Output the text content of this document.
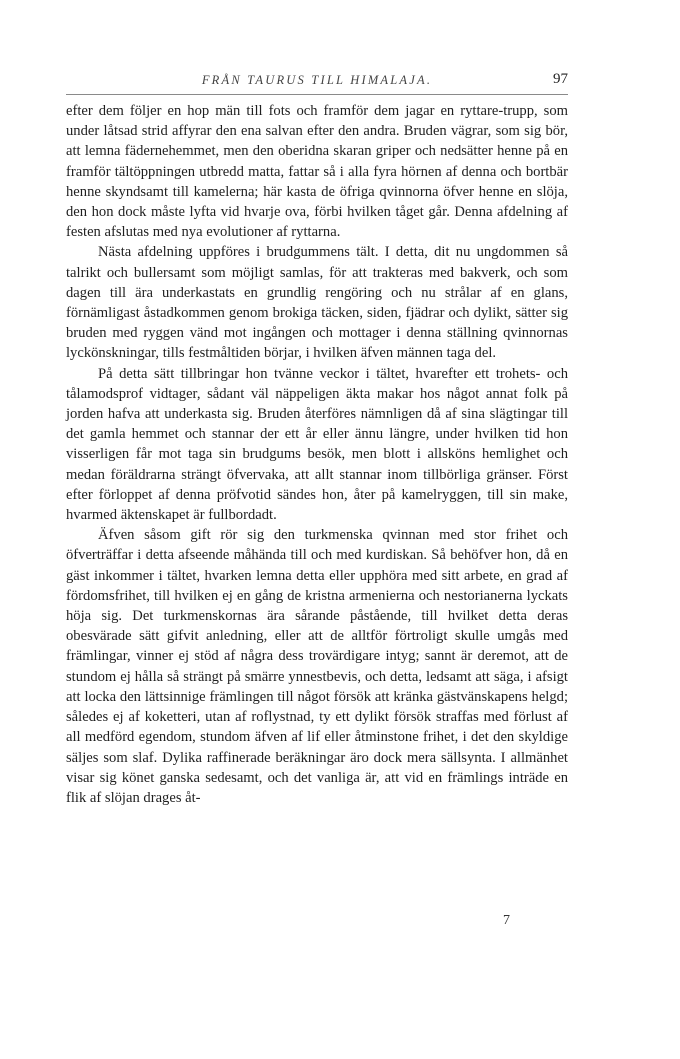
FRÅN TAURUS TILL HIMALAJA.	97

efter dem följer en hop män till fots och framför dem jagar en ryttare-trupp, som under låtsad strid affyrar den ena salvan efter den andra. Bruden vägrar, som sig bör, att lemna fädernehemmet, men den oberidna skaran griper och nedsätter henne på en framför tältöppningen utbredd matta, fattar så i alla fyra hörnen af denna och bortbär henne skyndsamt till kamelerna; här kasta de öfriga qvinnorna öfver henne en slöja, den hon dock måste lyfta vid hvarje ova, förbi hvilken tåget går. Denna afdelning af festen afslutas med nya evolutioner af ryttarna.

Nästa afdelning uppföres i brudgummens tält. I detta, dit nu ungdommen så talrikt och bullersamt som möjligt samlas, för att trakteras med bakverk, och som dagen till ära underkastats en grundlig rengöring och nu strålar af en glans, förnämligast åstadkommen genom brokiga täcken, siden, fjädrar och dylikt, sätter sig bruden med ryggen vänd mot ingången och mottager i denna ställning qvinnornas lyckönskningar, tills festmåltiden börjar, i hvilken äfven männen taga del.

På detta sätt tillbringar hon tvänne veckor i tältet, hvarefter ett trohets- och tålamodsprof vidtager, sådant väl näppeligen äkta makar hos något annat folk på jorden hafva att underkasta sig. Bruden återföres nämnligen då af sina slägtingar till det gamla hemmet och stannar der ett år eller ännu längre, under hvilken tid hon visserligen får mot taga sin brudgums besök, men blott i allsköns hemlighet och medan föräldrarna strängt öfvervaka, att allt stannar inom tillbörliga gränser. Först efter förloppet af denna pröfvotid sändes hon, åter på kamelryggen, till sin make, hvarmed äktenskapet är fullbordadt.

Äfven såsom gift rör sig den turkmenska qvinnan med stor frihet och öfverträffar i detta afseende måhända till och med kurdiskan. Så behöfver hon, då en gäst inkommer i tältet, hvarken lemna detta eller upphöra med sitt arbete, en grad af fördomsfrihet, till hvilken ej en gång de kristna armenierna och nestorianerna lyckats höja sig. Det turkmenskornas ära sårande påstående, till hvilket detta deras obesvärade sätt gifvit anledning, eller att de alltför förtroligt skulle umgås med främlingar, vinner ej stöd af några dess trovärdigare intyg; sannt är deremot, att de stundom ej hålla så strängt på smärre ynnestbevis, och detta, ledsamt att säga, i afsigt att locka den lättsinnige främlingen till något försök att kränka gästvänskapens helgd; således ej af koketteri, utan af roflystnad, ty ett dylikt försök straffas med förlust af all medförd egendom, stundom äfven af lif eller åtminstone frihet, i det den skyldige säljes som slaf. Dylika raffinerade beräkningar äro dock mera sällsynta. I allmänhet visar sig könet ganska sedesamt, och det vanliga är, att vid en främlings inträde en flik af slöjan drages åt-

7
